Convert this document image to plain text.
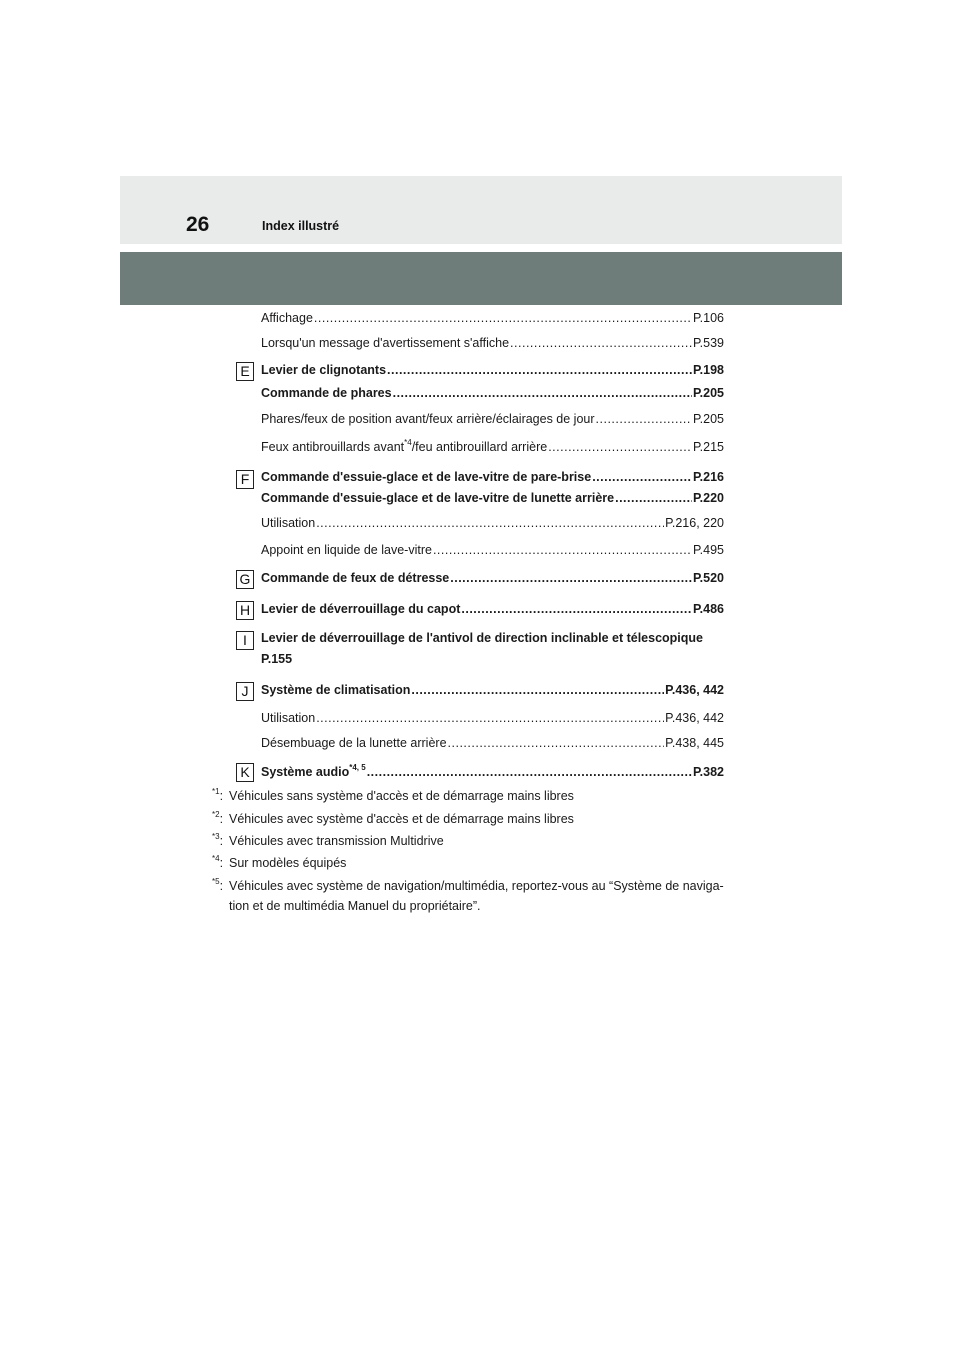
26	Index illustré
Affichage .....	P.106
Lorsqu'un message d'avertissement s'affiche .....	P.539
E Levier de clignotants .....	P.198
Commande de phares .....	P.205
Phares/feux de position avant/feux arrière/éclairages de jour .....	P.205
Feux antibrouillards avant$^{*4}$/feu antibrouillard arrière .....	P.215
F Commande d'essuie-glace et de lave-vitre de pare-brise .....	P.216
Commande d'essuie-glace et de lave-vitre de lunette arrière .....	P.220
Utilisation .....	P.216, 220
Appoint en liquide de lave-vitre .....	P.495
G Commande de feux de détresse .....	P.520
H Levier de déverrouillage du capot .....	P.486
I	Levier de déverrouillage de l'antivol de direction inclinable et télescopique
P.155
J	Système de climatisation .....	P.436, 442
Utilisation .....	P.436, 442
Désembuage de la lunette arrière .....	P.438, 445
K Système audio$^{*4, 5}$ .....	P.382
$^{*1}$: Véhicules sans système d'accès et de démarrage mains libres
$^{*2}$: Véhicules avec système d'accès et de démarrage mains libres
$^{*3}$: Véhicules avec transmission Multidrive
$^{*4}$: Sur modèles équipés
$^{*5}$: Véhicules avec système de navigation/multimédia, reportez-vous au “Système de naviga-
tion et de multimédia Manuel du propriétaire”.
